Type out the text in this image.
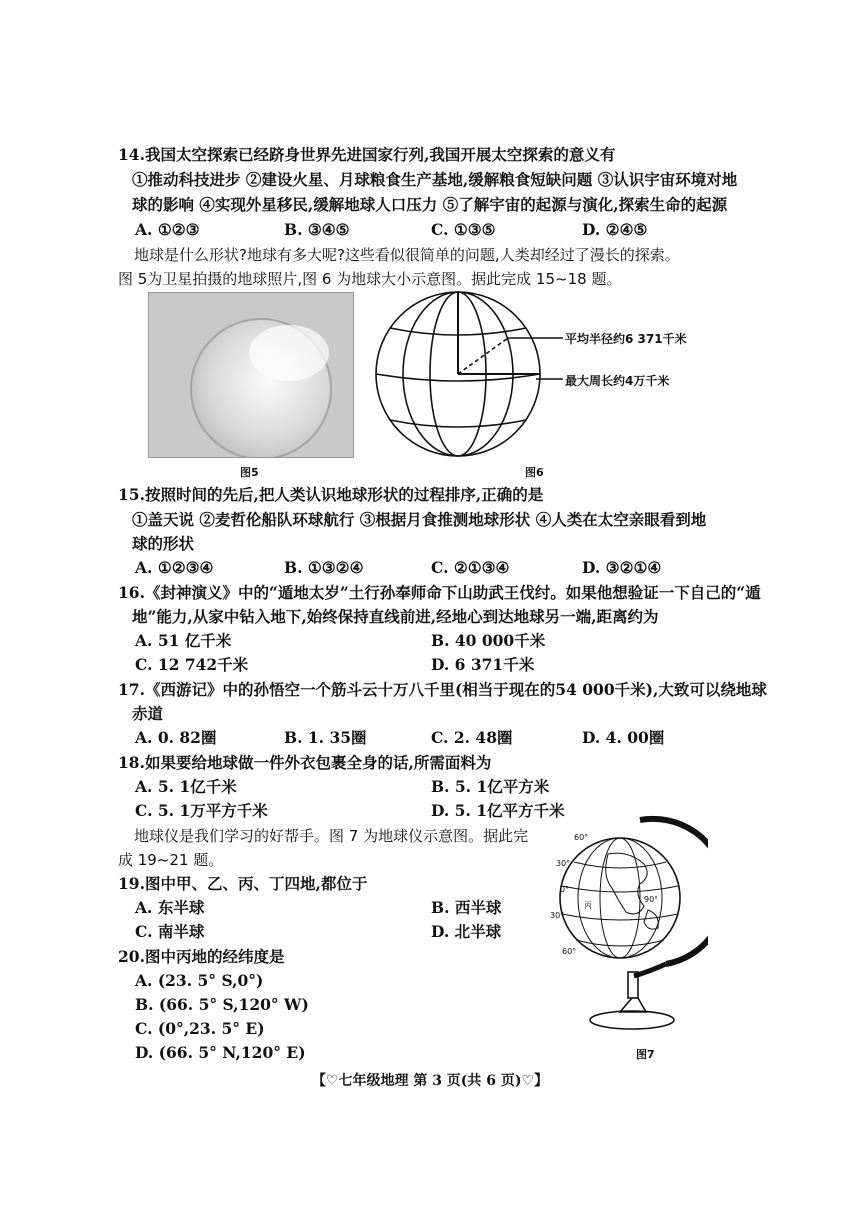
14.我国太空探索已经跻身世界先进国家行列,我国开展太空探索的意义有
①推动科技进步 ②建设火星、月球粮食生产基地,缓解粮食短缺问题 ③认识宇宙环境对地
球的影响 ④实现外星移民,缓解地球人口压力 ⑤了解宇宙的起源与演化,探索生命的起源
A. ①②③	B. ③④⑤	C. ①③⑤	D. ②④⑤
地球是什么形状?地球有多大呢?这些看似很简单的问题,人类却经过了漫长的探索。
图 5为卫星拍摄的地球照片,图 6 为地球大小示意图。据此完成 15~18 题。
图5
平均半径约6 371千米
最大周长约4万千米
图6
15.按照时间的先后,把人类认识地球形状的过程排序,正确的是
①盖天说 ②麦哲伦船队环球航行 ③根据月食推测地球形状 ④人类在太空亲眼看到地
球的形状
A. ①②③④	B. ①③②④	C. ②①③④	D. ③②①④
16.《封神演义》中的“遁地太岁”土行孙奉师命下山助武王伐纣。如果他想验证一下自己的“遁
地”能力,从家中钻入地下,始终保持直线前进,经地心到达地球另一端,距离约为
A. 51 亿千米	B. 40 000千米
C. 12 742千米	D. 6 371千米
17.《西游记》中的孙悟空一个筋斗云十万八千里(相当于现在的54 000千米),大致可以绕地球
赤道
A. 0. 82圈	B. 1. 35圈	C. 2. 48圈	D. 4. 00圈
18.如果要给地球做一件外衣包裹全身的话,所需面料为
A. 5. 1亿千米	B. 5. 1亿平方米
C. 5. 1万平方千米	D. 5. 1亿平方千米
地球仪是我们学习的好帮手。图 7 为地球仪示意图。据此完
成 19~21 题。
19.图中甲、乙、丙、丁四地,都位于
A. 东半球	B. 西半球
C. 南半球	D. 北半球
20.图中丙地的经纬度是
A. (23. 5° S,0°)
B. (66. 5° S,120° W)
C. (0°,23. 5° E)
D. (66. 5° N,120° E)
60°
30°
0°
30°
60°
丙
90°
图7
【♡七年级地理 第 3 页(共 6 页)♡】
